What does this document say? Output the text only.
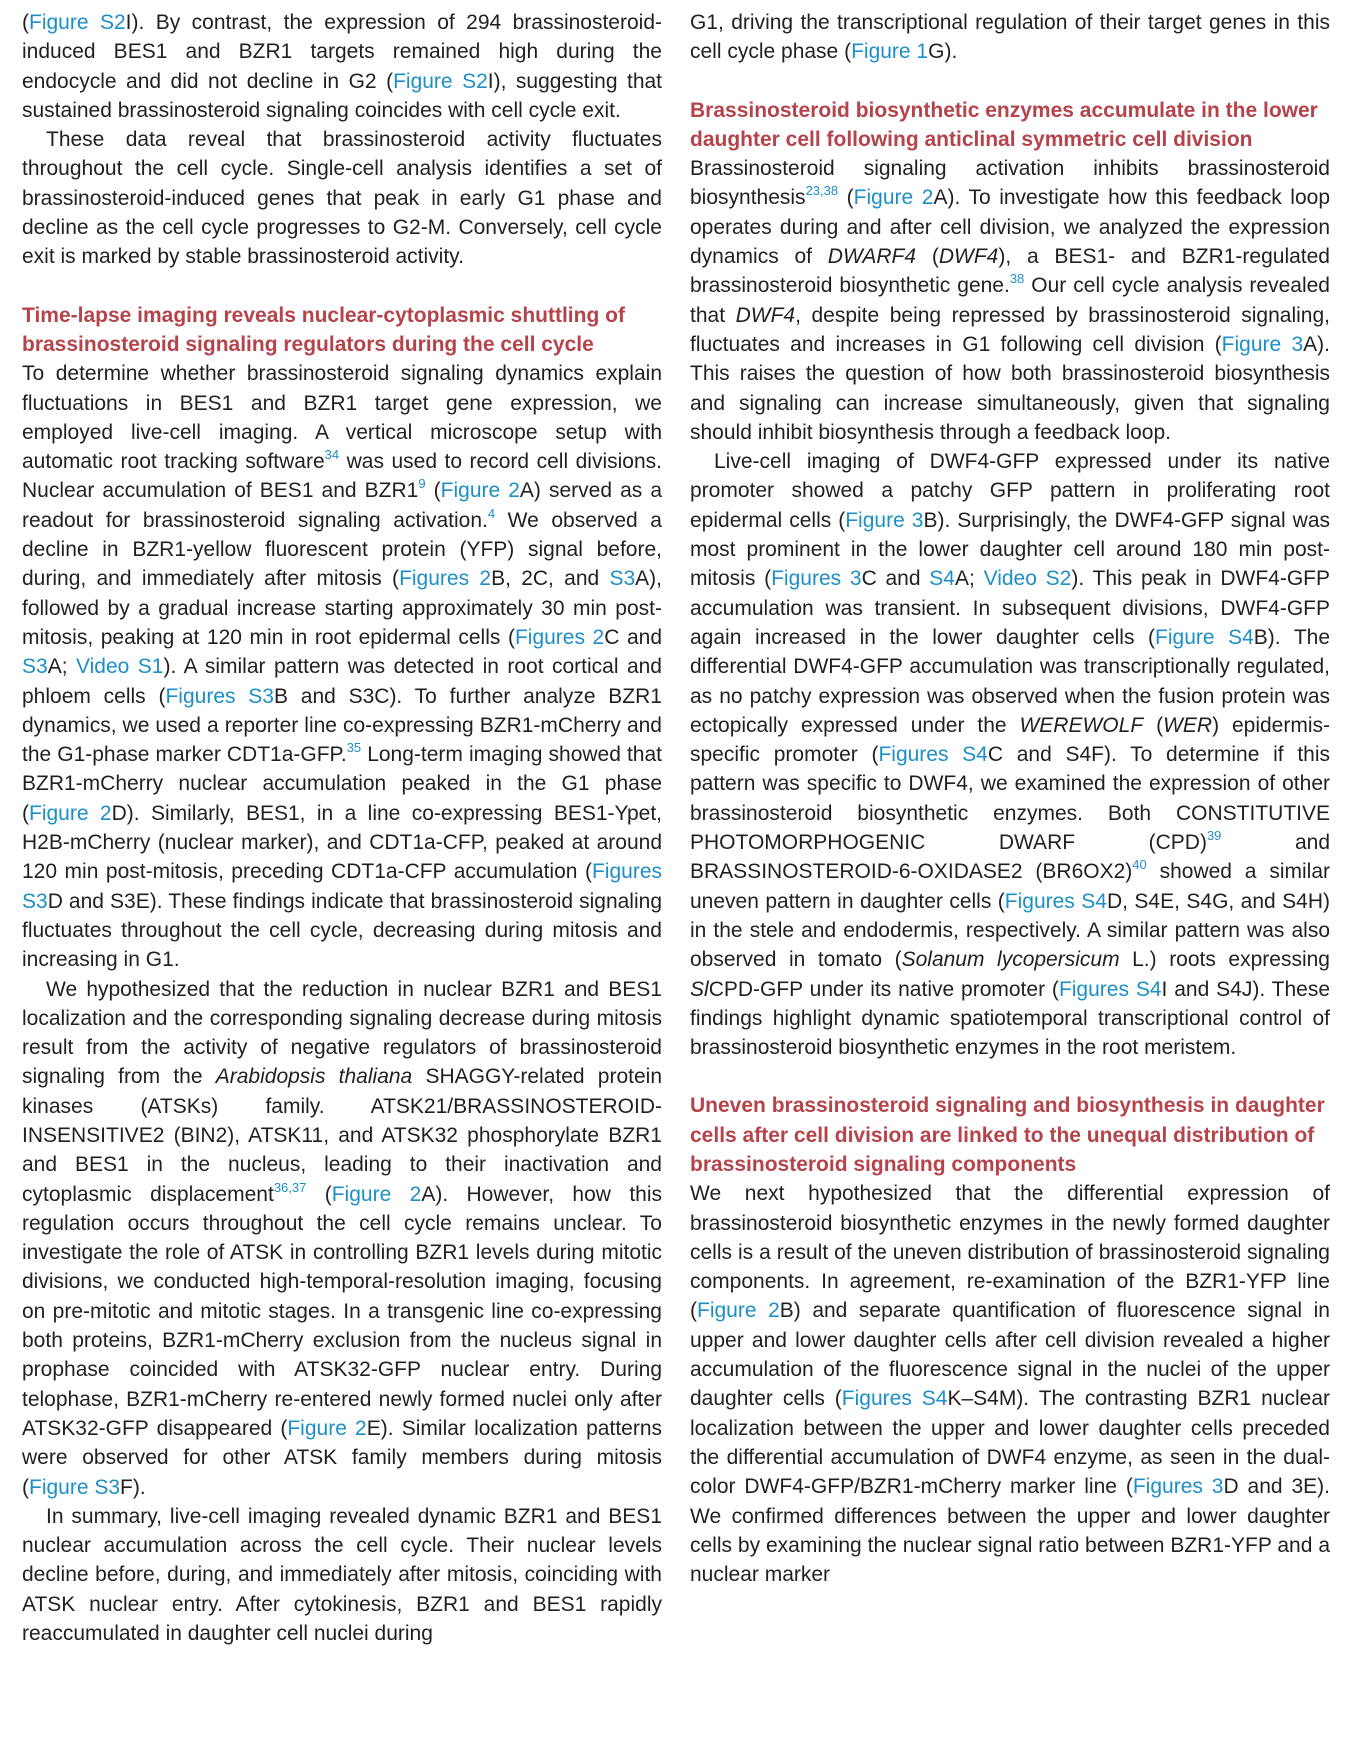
(Figure S2I). By contrast, the expression of 294 brassinosteroid-induced BES1 and BZR1 targets remained high during the endocycle and did not decline in G2 (Figure S2I), suggesting that sustained brassinosteroid signaling coincides with cell cycle exit.

These data reveal that brassinosteroid activity fluctuates throughout the cell cycle. Single-cell analysis identifies a set of brassinosteroid-induced genes that peak in early G1 phase and decline as the cell cycle progresses to G2-M. Conversely, cell cycle exit is marked by stable brassinosteroid activity.

Time-lapse imaging reveals nuclear-cytoplasmic shuttling of brassinosteroid signaling regulators during the cell cycle

To determine whether brassinosteroid signaling dynamics explain fluctuations in BES1 and BZR1 target gene expression, we employed live-cell imaging. A vertical microscope setup with automatic root tracking software$^{34}$ was used to record cell divisions. Nuclear accumulation of BES1 and $BZR1^9$ (Figure 2A) served as a readout for brassinosteroid signaling activation.$^4$ We observed a decline in BZR1-yellow fluorescent protein (YFP) signal before, during, and immediately after mitosis (Figures 2B, 2C, and S3A), followed by a gradual increase starting approximately 30 min post-mitosis, peaking at 120 min in root epidermal cells (Figures 2C and S3A; Video S1). A similar pattern was detected in root cortical and phloem cells (Figures S3B and S3C). To further analyze BZR1 dynamics, we used a reporter line co-expressing BZR1-mCherry and the G1-phase marker CDT1a-GFP.$^{35}$ Long-term imaging showed that BZR1-mCherry nuclear accumulation peaked in the G1 phase (Figure 2D). Similarly, BES1, in a line co-expressing BES1-Ypet, H2B-mCherry (nuclear marker), and CDT1a-CFP, peaked at around 120 min post-mitosis, preceding CDT1a-CFP accumulation (Figures S3D and S3E). These findings indicate that brassinosteroid signaling fluctuates throughout the cell cycle, decreasing during mitosis and increasing in G1.

We hypothesized that the reduction in nuclear BZR1 and BES1 localization and the corresponding signaling decrease during mitosis result from the activity of negative regulators of brassinosteroid signaling from the Arabidopsis thaliana SHAGGY-related protein kinases (ATSKs) family. ATSK21/BRASSINOSTEROID-INSENSITIVE2 (BIN2), ATSK11, and ATSK32 phosphorylate BZR1 and BES1 in the nucleus, leading to their inactivation and cytoplasmic displacement$^{36,37}$ (Figure 2A). However, how this regulation occurs throughout the cell cycle remains unclear. To investigate the role of ATSK in controlling BZR1 levels during mitotic divisions, we conducted high-temporal-resolution imaging, focusing on pre-mitotic and mitotic stages. In a transgenic line co-expressing both proteins, BZR1-mCherry exclusion from the nucleus signal in prophase coincided with ATSK32-GFP nuclear entry. During telophase, BZR1-mCherry re-entered newly formed nuclei only after ATSK32-GFP disappeared (Figure 2E). Similar localization patterns were observed for other ATSK family members during mitosis (Figure S3F).

In summary, live-cell imaging revealed dynamic BZR1 and BES1 nuclear accumulation across the cell cycle. Their nuclear levels decline before, during, and immediately after mitosis, coinciding with ATSK nuclear entry. After cytokinesis, BZR1 and BES1 rapidly reaccumulated in daughter cell nuclei during

G1, driving the transcriptional regulation of their target genes in this cell cycle phase (Figure 1G).

Brassinosteroid biosynthetic enzymes accumulate in the lower daughter cell following anticlinal symmetric cell division

Brassinosteroid signaling activation inhibits brassinosteroid biosynthesis$^{23,38}$ (Figure 2A). To investigate how this feedback loop operates during and after cell division, we analyzed the expression dynamics of DWARF4 (DWF4), a BES1- and BZR1-regulated brassinosteroid biosynthetic gene.$^{38}$ Our cell cycle analysis revealed that DWF4, despite being repressed by brassinosteroid signaling, fluctuates and increases in G1 following cell division (Figure 3A). This raises the question of how both brassinosteroid biosynthesis and signaling can increase simultaneously, given that signaling should inhibit biosynthesis through a feedback loop.

Live-cell imaging of DWF4-GFP expressed under its native promoter showed a patchy GFP pattern in proliferating root epidermal cells (Figure 3B). Surprisingly, the DWF4-GFP signal was most prominent in the lower daughter cell around 180 min post-mitosis (Figures 3C and S4A; Video S2). This peak in DWF4-GFP accumulation was transient. In subsequent divisions, DWF4-GFP again increased in the lower daughter cells (Figure S4B). The differential DWF4-GFP accumulation was transcriptionally regulated, as no patchy expression was observed when the fusion protein was ectopically expressed under the WEREWOLF (WER) epidermis-specific promoter (Figures S4C and S4F). To determine if this pattern was specific to DWF4, we examined the expression of other brassinosteroid biosynthetic enzymes. Both CONSTITUTIVE PHOTOMORPHOGENIC DWARF (CPD)$^{39}$ and BRASSINOSTEROID-6-OXIDASE2 $(BR6OX2)^{40}$ showed a similar uneven pattern in daughter cells (Figures S4D, S4E, S4G, and S4H) in the stele and endodermis, respectively. A similar pattern was also observed in tomato (Solanum lycopersicum L.) roots expressing SlCPD-GFP under its native promoter (Figures S4I and S4J). These findings highlight dynamic spatiotemporal transcriptional control of brassinosteroid biosynthetic enzymes in the root meristem.

Uneven brassinosteroid signaling and biosynthesis in daughter cells after cell division are linked to the unequal distribution of brassinosteroid signaling components

We next hypothesized that the differential expression of brassinosteroid biosynthetic enzymes in the newly formed daughter cells is a result of the uneven distribution of brassinosteroid signaling components. In agreement, re-examination of the BZR1-YFP line (Figure 2B) and separate quantification of fluorescence signal in upper and lower daughter cells after cell division revealed a higher accumulation of the fluorescence signal in the nuclei of the upper daughter cells (Figures S4K–S4M). The contrasting BZR1 nuclear localization between the upper and lower daughter cells preceded the differential accumulation of DWF4 enzyme, as seen in the dual-color DWF4-GFP/BZR1-mCherry marker line (Figures 3D and 3E). We confirmed differences between the upper and lower daughter cells by examining the nuclear signal ratio between BZR1-YFP and a nuclear marker
